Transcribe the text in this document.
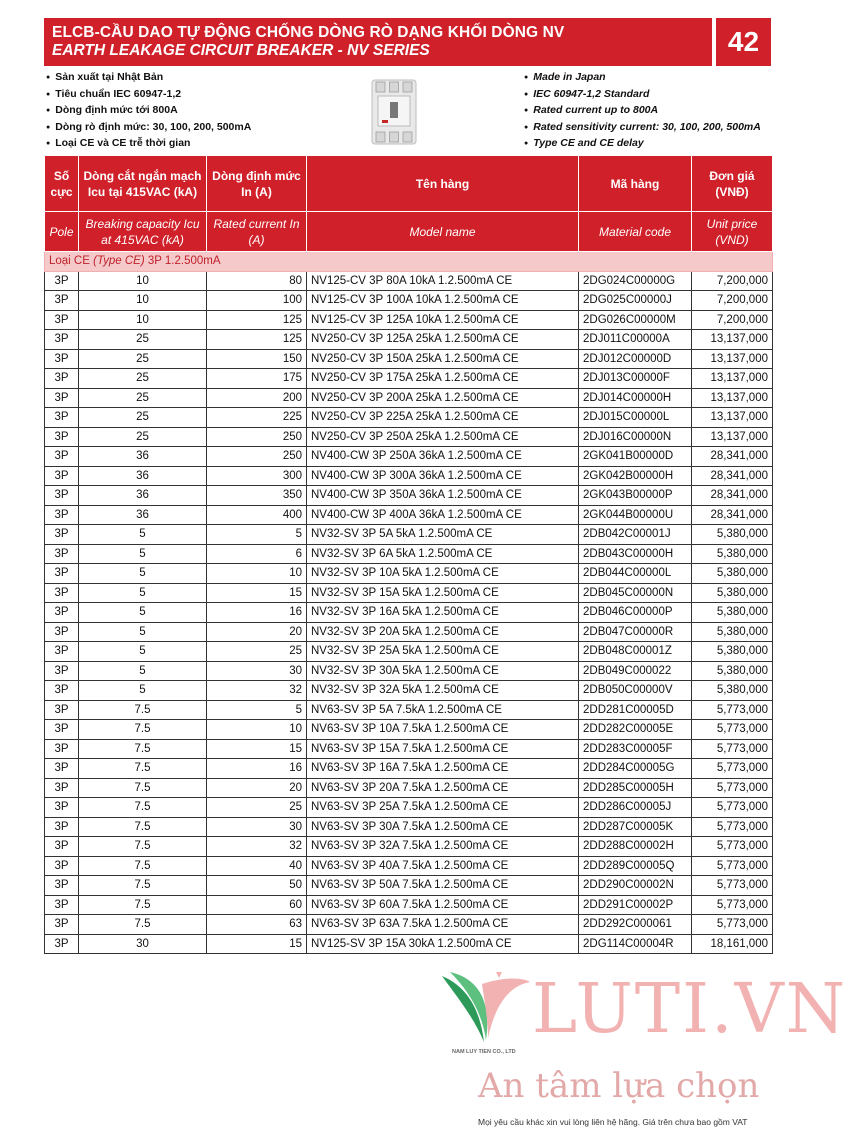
ELCB-CẦU DAO TỰ ĐỘNG CHỐNG DÒNG RÒ DẠNG KHỐI DÒNG NV
EARTH LEAKAGE CIRCUIT BREAKER - NV SERIES	42
● Sản xuất tại Nhật Bản
● Tiêu chuẩn IEC 60947-1,2
● Dòng định mức tới 800A
● Dòng rò định mức: 30, 100, 200, 500mA
● Loại CE và CE trễ thời gian
● Made in Japan
● IEC 60947-1,2 Standard
● Rated current up to 800A
● Rated sensitivity current: 30, 100, 200, 500mA
● Type CE and CE delay
Số cực	Dòng cắt ngắn mạch Icu tại 415VAC (kA)	Dòng định mức In (A)	Tên hàng	Mã hàng	Đơn giá (VNĐ)
Pole	Breaking capacity Icu at 415VAC (kA)	Rated current In (A)	Model name	Material code	Unit price (VND)
Loại CE (Type CE) 3P 1.2.500mA					
3P	10	80	NV125-CV 3P 80A 10kA 1.2.500mA CE	2DG024C00000G	7,200,000
3P	10	100	NV125-CV 3P 100A 10kA 1.2.500mA CE	2DG025C00000J	7,200,000
3P	10	125	NV125-CV 3P 125A 10kA 1.2.500mA CE	2DG026C00000M	7,200,000
3P	25	125	NV250-CV 3P 125A 25kA 1.2.500mA CE	2DJ011C00000A	13,137,000
3P	25	150	NV250-CV 3P 150A 25kA 1.2.500mA CE	2DJ012C00000D	13,137,000
3P	25	175	NV250-CV 3P 175A 25kA 1.2.500mA CE	2DJ013C00000F	13,137,000
3P	25	200	NV250-CV 3P 200A 25kA 1.2.500mA CE	2DJ014C00000H	13,137,000
3P	25	225	NV250-CV 3P 225A 25kA 1.2.500mA CE	2DJ015C00000L	13,137,000
3P	25	250	NV250-CV 3P 250A 25kA 1.2.500mA CE	2DJ016C00000N	13,137,000
3P	36	250	NV400-CW 3P 250A 36kA 1.2.500mA CE	2GK041B00000D	28,341,000
3P	36	300	NV400-CW 3P 300A 36kA 1.2.500mA CE	2GK042B00000H	28,341,000
3P	36	350	NV400-CW 3P 350A 36kA 1.2.500mA CE	2GK043B00000P	28,341,000
3P	36	400	NV400-CW 3P 400A 36kA 1.2.500mA CE	2GK044B00000U	28,341,000
3P	5	5	NV32-SV 3P 5A 5kA 1.2.500mA CE	2DB042C00001J	5,380,000
3P	5	6	NV32-SV 3P 6A 5kA 1.2.500mA CE	2DB043C00000H	5,380,000
3P	5	10	NV32-SV 3P 10A 5kA 1.2.500mA CE	2DB044C00000L	5,380,000
3P	5	15	NV32-SV 3P 15A 5kA 1.2.500mA CE	2DB045C00000N	5,380,000
3P	5	16	NV32-SV 3P 16A 5kA 1.2.500mA CE	2DB046C00000P	5,380,000
3P	5	20	NV32-SV 3P 20A 5kA 1.2.500mA CE	2DB047C00000R	5,380,000
3P	5	25	NV32-SV 3P 25A 5kA 1.2.500mA CE	2DB048C00001Z	5,380,000
3P	5	30	NV32-SV 3P 30A 5kA 1.2.500mA CE	2DB049C000022	5,380,000
3P	5	32	NV32-SV 3P 32A 5kA 1.2.500mA CE	2DB050C00000V	5,380,000
3P	7.5	5	NV63-SV 3P 5A 7.5kA 1.2.500mA CE	2DD281C00005D	5,773,000
3P	7.5	10	NV63-SV 3P 10A 7.5kA 1.2.500mA CE	2DD282C00005E	5,773,000
3P	7.5	15	NV63-SV 3P 15A 7.5kA 1.2.500mA CE	2DD283C00005F	5,773,000
3P	7.5	16	NV63-SV 3P 16A 7.5kA 1.2.500mA CE	2DD284C00005G	5,773,000
3P	7.5	20	NV63-SV 3P 20A 7.5kA 1.2.500mA CE	2DD285C00005H	5,773,000
3P	7.5	25	NV63-SV 3P 25A 7.5kA 1.2.500mA CE	2DD286C00005J	5,773,000
3P	7.5	30	NV63-SV 3P 30A 7.5kA 1.2.500mA CE	2DD287C00005K	5,773,000
3P	7.5	32	NV63-SV 3P 32A 7.5kA 1.2.500mA CE	2DD288C00002H	5,773,000
3P	7.5	40	NV63-SV 3P 40A 7.5kA 1.2.500mA CE	2DD289C00005Q	5,773,000
3P	7.5	50	NV63-SV 3P 50A 7.5kA 1.2.500mA CE	2DD290C00002N	5,773,000
3P	7.5	60	NV63-SV 3P 60A 7.5kA 1.2.500mA CE	2DD291C00002P	5,773,000
3P	7.5	63	NV63-SV 3P 63A 7.5kA 1.2.500mA CE	2DD292C000061	5,773,000
3P	30	15	NV125-SV 3P 15A 30kA 1.2.500mA CE	2DG114C00004R	18,161,000
LUTI.VN
NAM LUY TIEN CO., LTD
An tâm lựa chọn
Mọi yêu cầu khác xin vui lòng liên hệ hãng. Giá trên chưa bao gồm VAT
